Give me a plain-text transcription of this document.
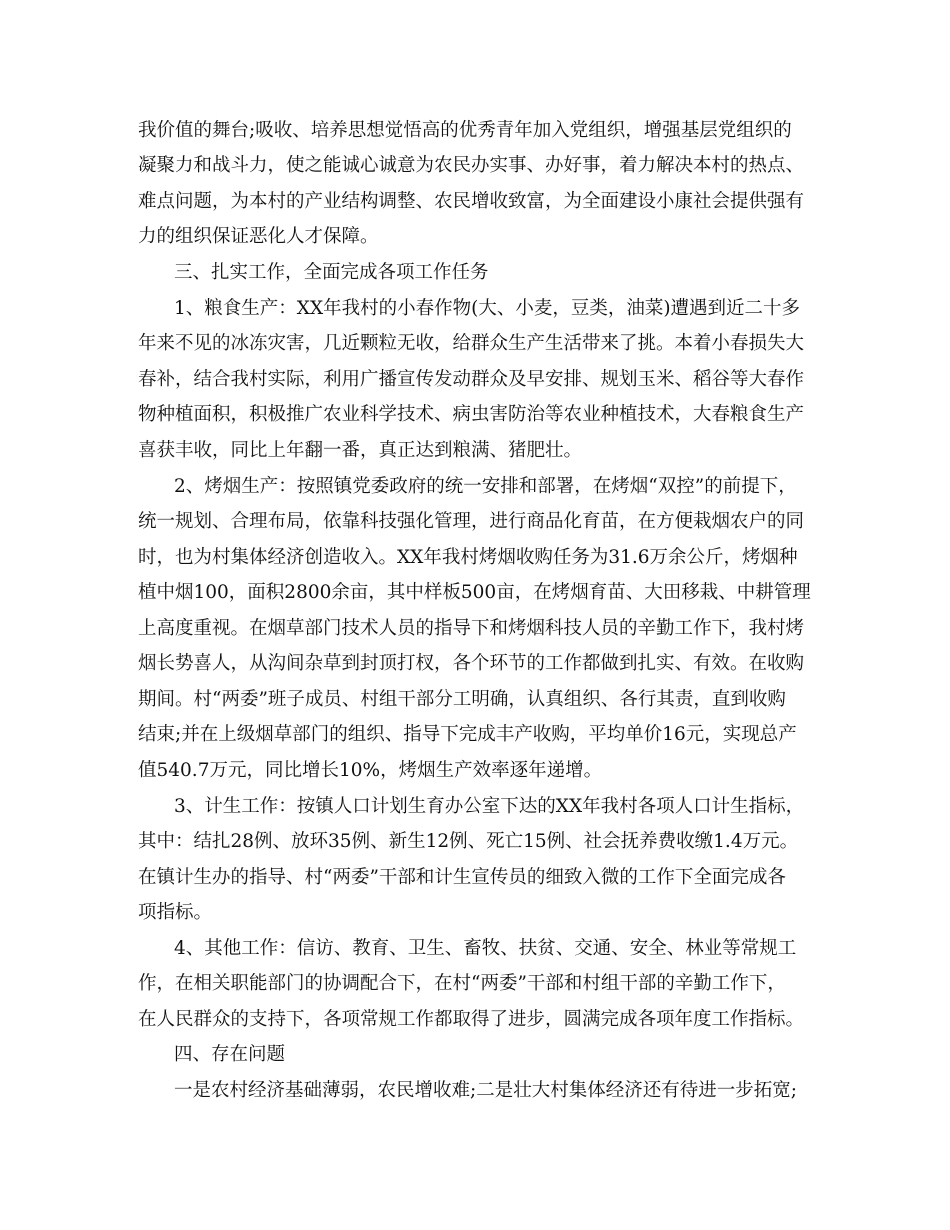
我价值的舞台;吸收、培养思想觉悟高的优秀青年加入党组织，增强基层党组织的
凝聚力和战斗力，使之能诚心诚意为农民办实事、办好事，着力解决本村的热点、
难点问题，为本村的产业结构调整、农民增收致富，为全面建设小康社会提供强有
力的组织保证恶化人才保障。
三、扎实工作，全面完成各项工作任务
1、粮食生产：XX年我村的小春作物(大、小麦，豆类，油菜)遭遇到近二十多
年来不见的冰冻灾害，几近颗粒无收，给群众生产生活带来了挑。本着小春损失大
春补，结合我村实际，利用广播宣传发动群众及早安排、规划玉米、稻谷等大春作
物种植面积，积极推广农业科学技术、病虫害防治等农业种植技术，大春粮食生产
喜获丰收，同比上年翻一番，真正达到粮满、猪肥壮。
2、烤烟生产：按照镇党委政府的统一安排和部署，在烤烟“双控”的前提下，
统一规划、合理布局，依靠科技强化管理，进行商品化育苗，在方便栽烟农户的同
时，也为村集体经济创造收入。XX年我村烤烟收购任务为31.6万余公斤，烤烟种
植中烟100，面积2800余亩，其中样板500亩，在烤烟育苗、大田移栽、中耕管理
上高度重视。在烟草部门技术人员的指导下和烤烟科技人员的辛勤工作下，我村烤
烟长势喜人，从沟间杂草到封顶打杈，各个环节的工作都做到扎实、有效。在收购
期间。村“两委”班子成员、村组干部分工明确，认真组织、各行其责，直到收购
结束;并在上级烟草部门的组织、指导下完成丰产收购，平均单价16元，实现总产
值540.7万元，同比增长10%，烤烟生产效率逐年递增。
3、计生工作：按镇人口计划生育办公室下达的XX年我村各项人口计生指标，
其中：结扎28例、放环35例、新生12例、死亡15例、社会抚养费收缴1.4万元。
在镇计生办的指导、村“两委”干部和计生宣传员的细致入微的工作下全面完成各
项指标。
4、其他工作：信访、教育、卫生、畜牧、扶贫、交通、安全、林业等常规工
作，在相关职能部门的协调配合下，在村“两委”干部和村组干部的辛勤工作下，
在人民群众的支持下，各项常规工作都取得了进步，圆满完成各项年度工作指标。
四、存在问题
一是农村经济基础薄弱，农民增收难;二是壮大村集体经济还有待进一步拓宽;
